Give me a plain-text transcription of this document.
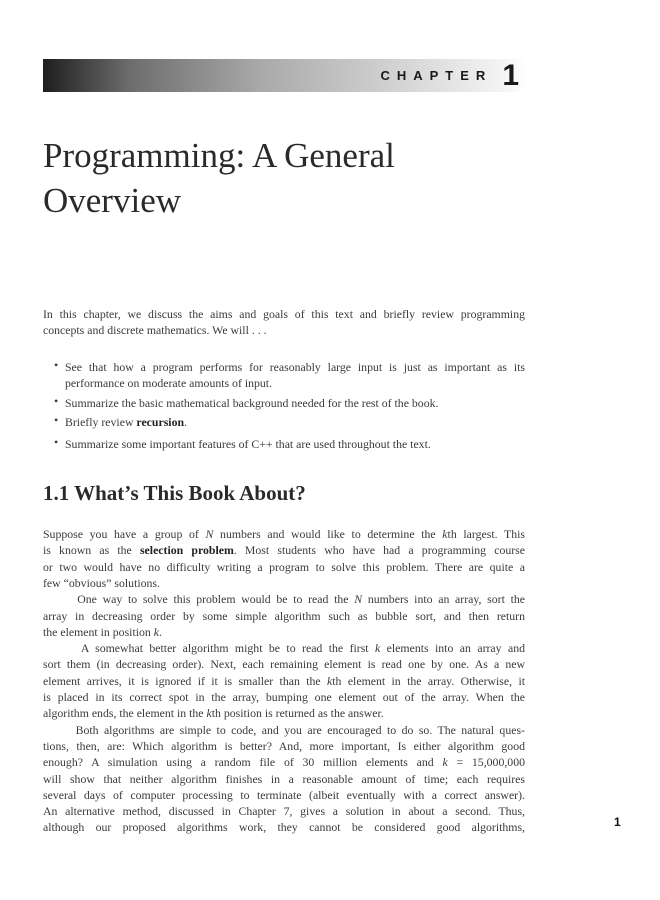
CHAPTER 1
Programming: A General
Overview
In this chapter, we discuss the aims and goals of this text and briefly review programming
concepts and discrete mathematics. We will . . .
• See that how a program performs for reasonably large input is just as important as its
performance on moderate amounts of input.
• Summarize the basic mathematical background needed for the rest of the book.
• Briefly review recursion.
• Summarize some important features of C++ that are used throughout the text.
Suppose you have a group of N numbers and would like to determine the kth largest. This
is known as the selection problem. Most students who have had a programming course
or two would have no difficulty writing a program to solve this problem. There are quite a
few “obvious” solutions.
One way to solve this problem would be to read the N numbers into an array, sort the
array in decreasing order by some simple algorithm such as bubble sort, and then return
the element in position k.
A somewhat better algorithm might be to read the first k elements into an array and
sort them (in decreasing order). Next, each remaining element is read one by one. As a new
element arrives, it is ignored if it is smaller than the kth element in the array. Otherwise, it
is placed in its correct spot in the array, bumping one element out of the array. When the
algorithm ends, the element in the kth position is returned as the answer.
Both algorithms are simple to code, and you are encouraged to do so. The natural ques-
tions, then, are: Which algorithm is better? And, more important, Is either algorithm good
enough? A simulation using a random file of 30 million elements and k = 15,000,000
will show that neither algorithm finishes in a reasonable amount of time; each requires
several days of computer processing to terminate (albeit eventually with a correct answer).
An alternative method, discussed in Chapter 7, gives a solution in about a second. Thus,
although our proposed algorithms work, they cannot be considered good algorithms,
1.1 What’s This Book About?
1
